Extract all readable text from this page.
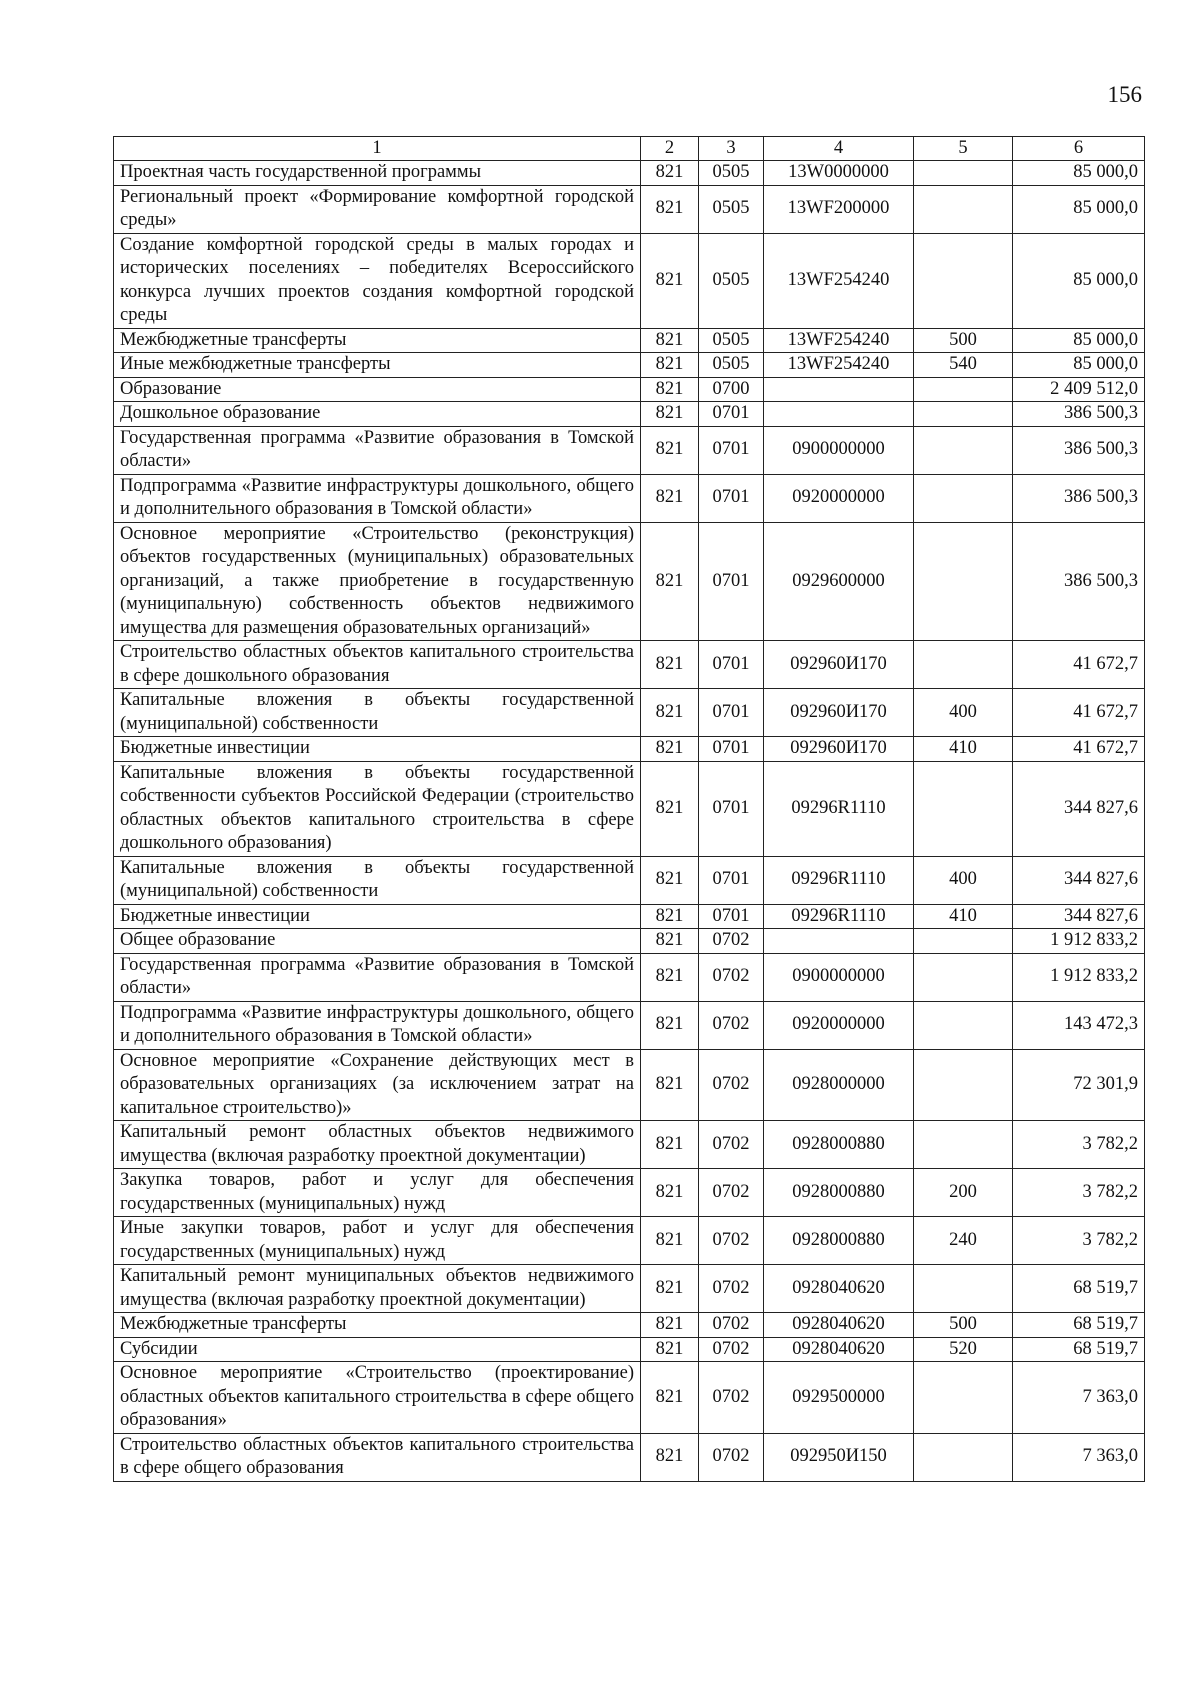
156
1	2	3	4	5	6
Проектная часть государственной программы	821	0505	13W0000000		85 000,0
Региональный проект «Формирование комфортной городской среды»	821	0505	13WF200000		85 000,0
Создание комфортной городской среды в малых городах и исторических поселениях – победителях Всероссийского конкурса лучших проектов создания комфортной городской среды	821	0505	13WF254240		85 000,0
Межбюджетные трансферты	821	0505	13WF254240	500	85 000,0
Иные межбюджетные трансферты	821	0505	13WF254240	540	85 000,0
Образование	821	0700			2 409 512,0
Дошкольное образование	821	0701			386 500,3
Государственная программа «Развитие образования в Томской области»	821	0701	0900000000		386 500,3
Подпрограмма «Развитие инфраструктуры дошкольного, общего и дополнительного образования в Томской области»	821	0701	0920000000		386 500,3
Основное мероприятие «Строительство (реконструкция) объектов государственных (муниципальных) образовательных организаций, а также приобретение в государственную (муниципальную) собственность объектов недвижимого имущества для размещения образовательных организаций»	821	0701	0929600000		386 500,3
Строительство областных объектов капитального строительства в сфере дошкольного образования	821	0701	092960И170		41 672,7
Капитальные вложения в объекты государственной (муниципальной) собственности	821	0701	092960И170	400	41 672,7
Бюджетные инвестиции	821	0701	092960И170	410	41 672,7
Капитальные вложения в объекты государственной собственности субъектов Российской Федерации (строительство областных объектов капитального строительства в сфере дошкольного образования)	821	0701	09296R1110		344 827,6
Капитальные вложения в объекты государственной (муниципальной) собственности	821	0701	09296R1110	400	344 827,6
Бюджетные инвестиции	821	0701	09296R1110	410	344 827,6
Общее образование	821	0702			1 912 833,2
Государственная программа «Развитие образования в Томской области»	821	0702	0900000000		1 912 833,2
Подпрограмма «Развитие инфраструктуры дошкольного, общего и дополнительного образования в Томской области»	821	0702	0920000000		143 472,3
Основное мероприятие «Сохранение действующих мест в образовательных организациях (за исключением затрат на капитальное строительство)»	821	0702	0928000000		72 301,9
Капитальный ремонт областных объектов недвижимого имущества (включая разработку проектной документации)	821	0702	0928000880		3 782,2
Закупка товаров, работ и услуг для обеспечения государственных (муниципальных) нужд	821	0702	0928000880	200	3 782,2
Иные закупки товаров, работ и услуг для обеспечения государственных (муниципальных) нужд	821	0702	0928000880	240	3 782,2
Капитальный ремонт муниципальных объектов недвижимого имущества (включая разработку проектной документации)	821	0702	0928040620		68 519,7
Межбюджетные трансферты	821	0702	0928040620	500	68 519,7
Субсидии	821	0702	0928040620	520	68 519,7
Основное мероприятие «Строительство (проектирование) областных объектов капитального строительства в сфере общего образования»	821	0702	0929500000		7 363,0
Строительство областных объектов капитального строительства в сфере общего образования	821	0702	092950И150		7 363,0
